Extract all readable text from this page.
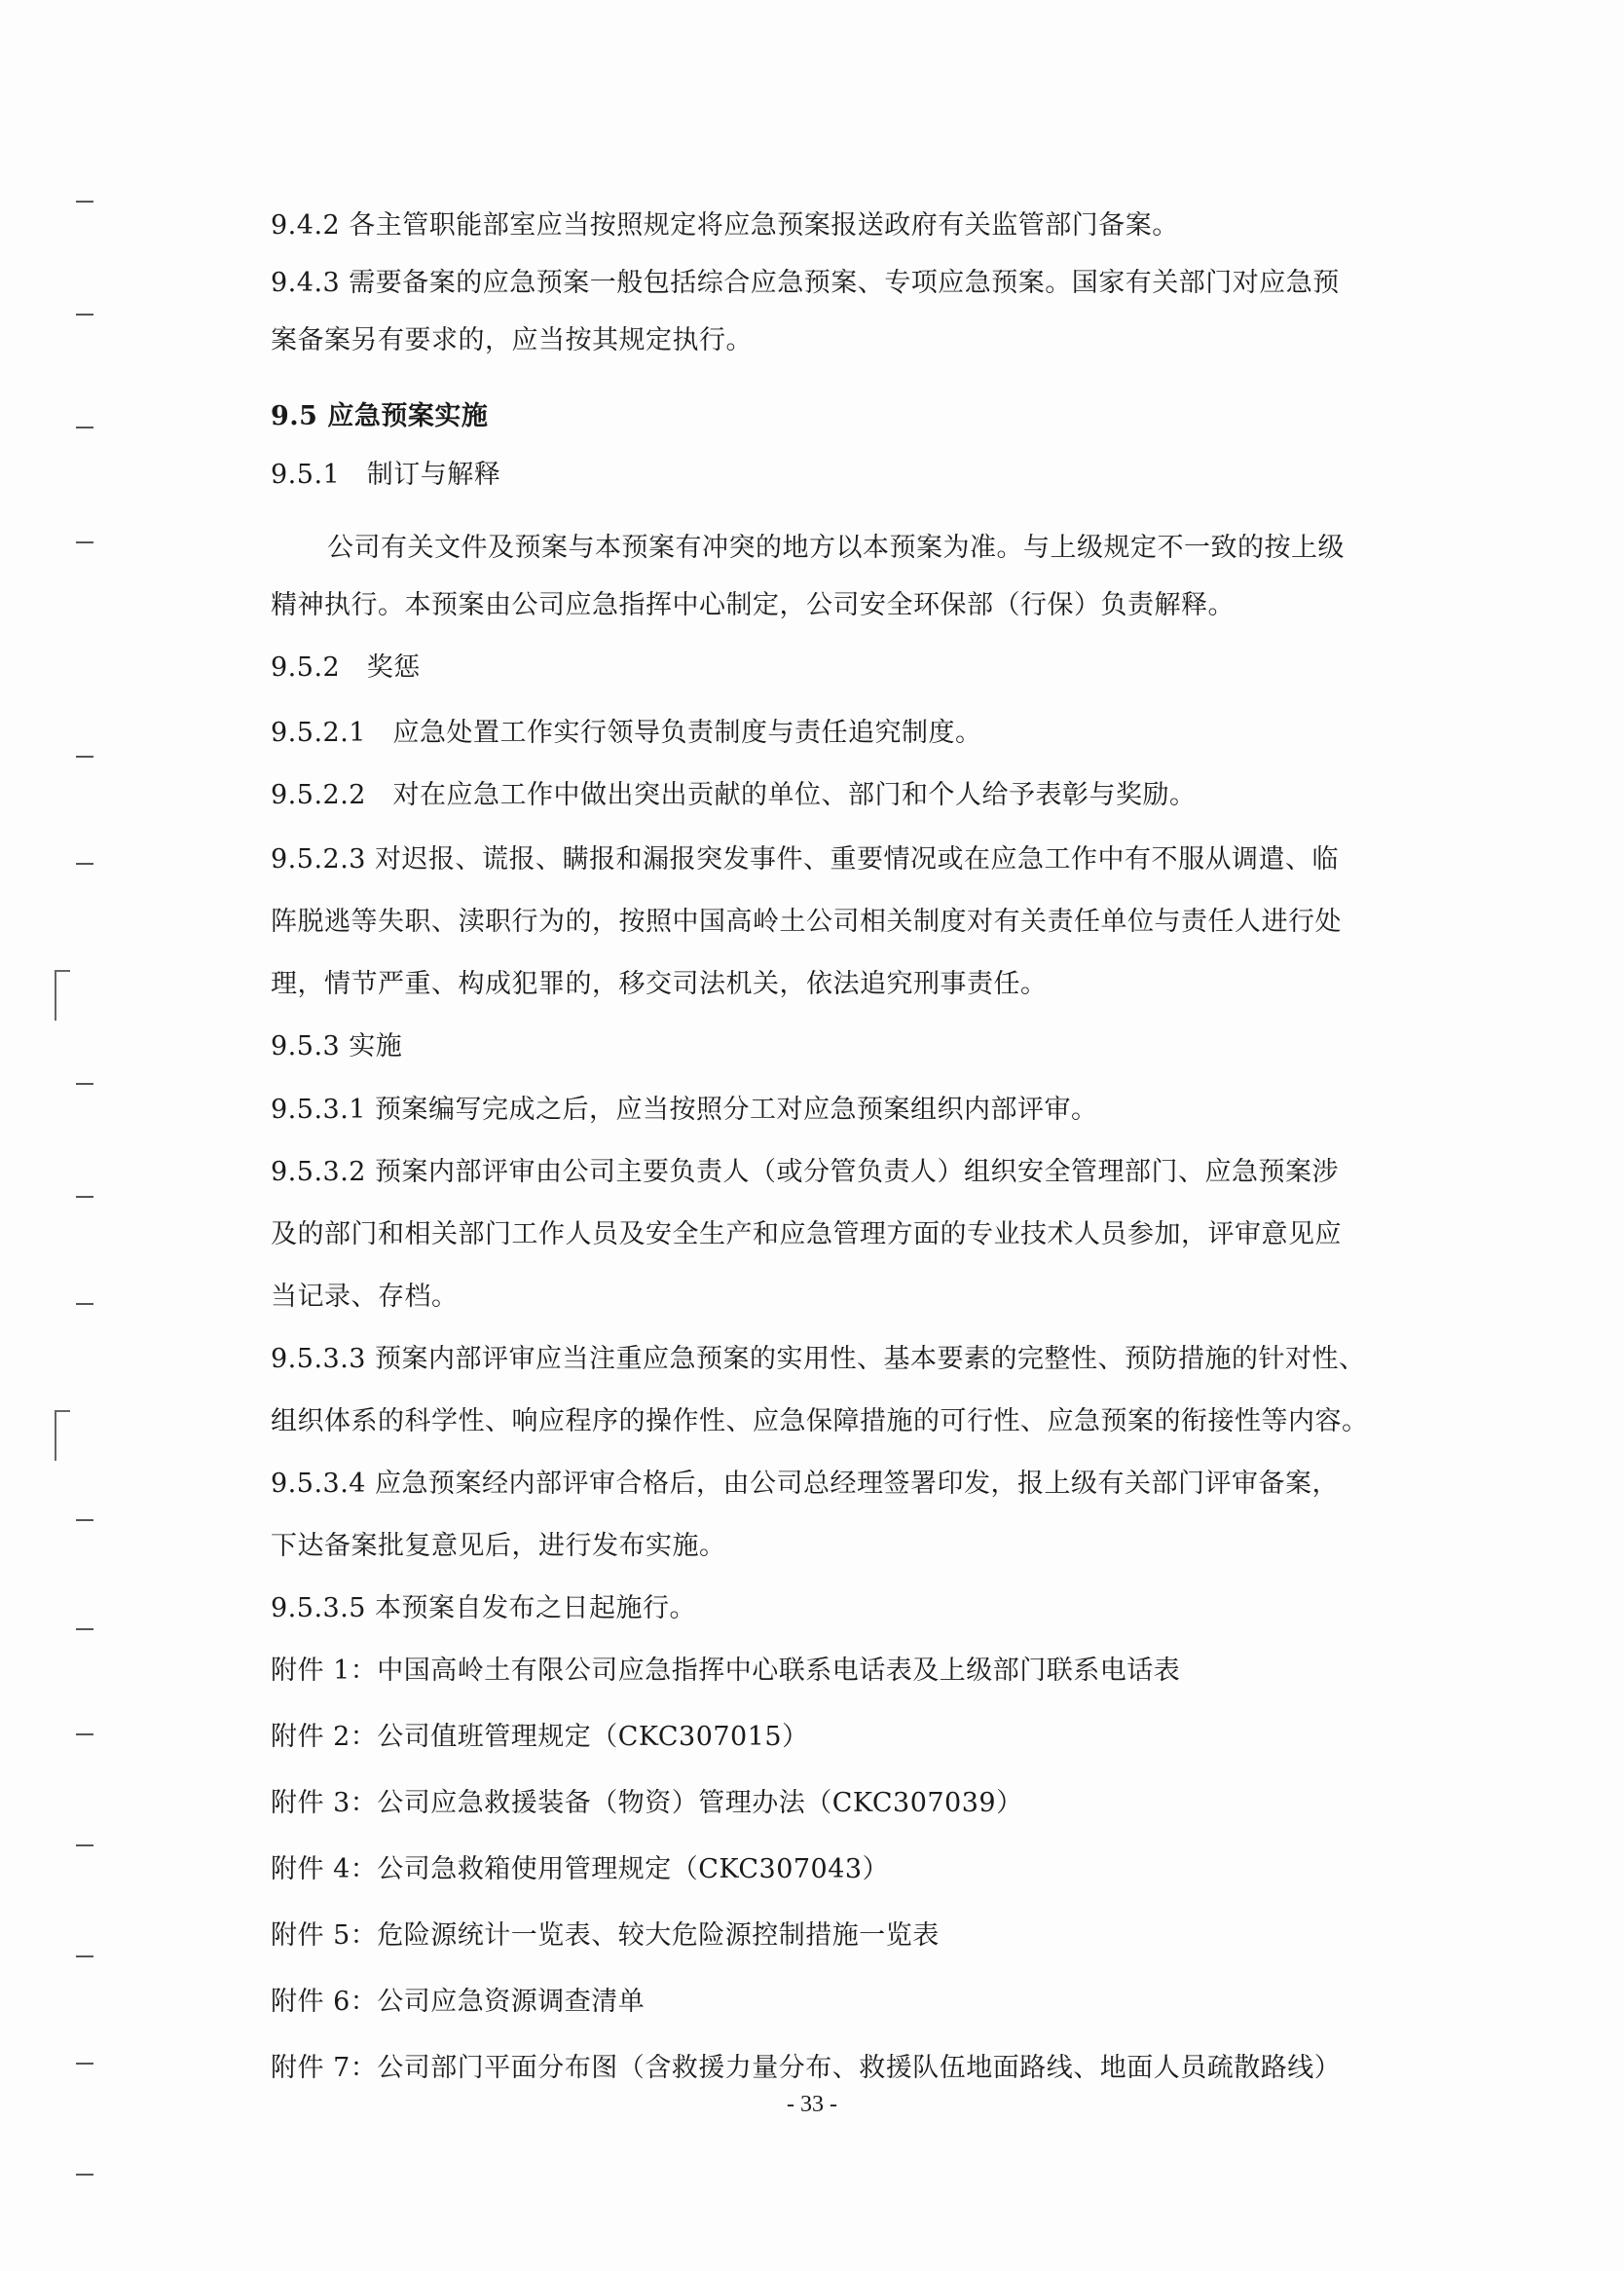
9.4.2 各主管职能部室应当按照规定将应急预案报送政府有关监管部门备案。
9.4.3 需要备案的应急预案一般包括综合应急预案、专项应急预案。国家有关部门对应急预
案备案另有要求的，应当按其规定执行。
9.5 应急预案实施
9.5.1　制订与解释
公司有关文件及预案与本预案有冲突的地方以本预案为准。与上级规定不一致的按上级
精神执行。本预案由公司应急指挥中心制定，公司安全环保部（行保）负责解释。
9.5.2　奖惩
9.5.2.1　应急处置工作实行领导负责制度与责任追究制度。
9.5.2.2　对在应急工作中做出突出贡献的单位、部门和个人给予表彰与奖励。
9.5.2.3 对迟报、谎报、瞒报和漏报突发事件、重要情况或在应急工作中有不服从调遣、临
阵脱逃等失职、渎职行为的，按照中国高岭土公司相关制度对有关责任单位与责任人进行处
理，情节严重、构成犯罪的，移交司法机关，依法追究刑事责任。
9.5.3 实施
9.5.3.1 预案编写完成之后，应当按照分工对应急预案组织内部评审。
9.5.3.2 预案内部评审由公司主要负责人（或分管负责人）组织安全管理部门、应急预案涉
及的部门和相关部门工作人员及安全生产和应急管理方面的专业技术人员参加，评审意见应
当记录、存档。
9.5.3.3 预案内部评审应当注重应急预案的实用性、基本要素的完整性、预防措施的针对性、
组织体系的科学性、响应程序的操作性、应急保障措施的可行性、应急预案的衔接性等内容。
9.5.3.4 应急预案经内部评审合格后，由公司总经理签署印发，报上级有关部门评审备案，
下达备案批复意见后，进行发布实施。
9.5.3.5 本预案自发布之日起施行。
附件 1：中国高岭土有限公司应急指挥中心联系电话表及上级部门联系电话表
附件 2：公司值班管理规定（CKC307015）
附件 3：公司应急救援装备（物资）管理办法（CKC307039）
附件 4：公司急救箱使用管理规定（CKC307043）
附件 5：危险源统计一览表、较大危险源控制措施一览表
附件 6：公司应急资源调查清单
附件 7：公司部门平面分布图（含救援力量分布、救援队伍地面路线、地面人员疏散路线）
- 33 -
